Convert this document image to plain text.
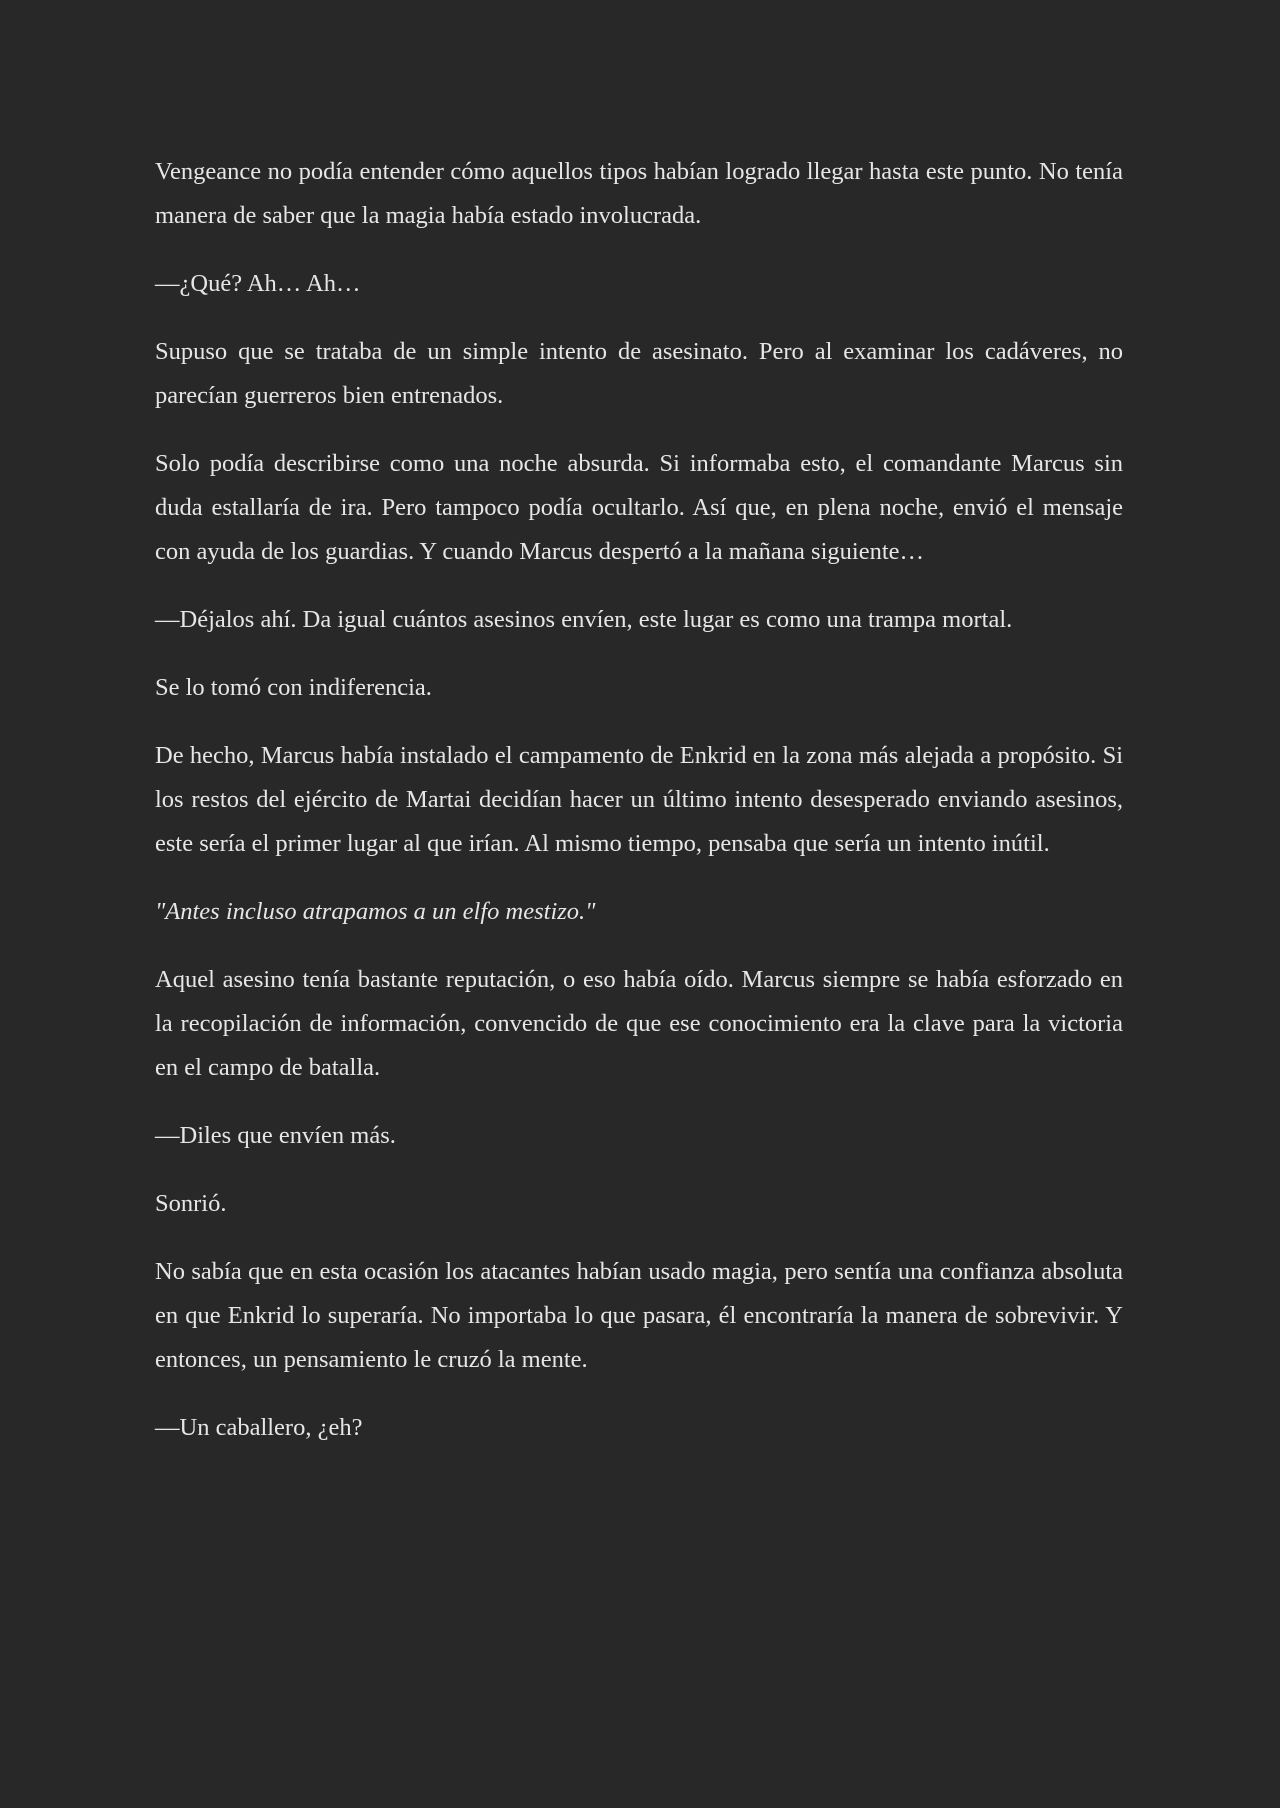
Vengeance no podía entender cómo aquellos tipos habían logrado llegar hasta este punto. No tenía manera de saber que la magia había estado involucrada.

—¿Qué? Ah… Ah…

Supuso que se trataba de un simple intento de asesinato. Pero al examinar los cadáveres, no parecían guerreros bien entrenados.

Solo podía describirse como una noche absurda. Si informaba esto, el comandante Marcus sin duda estallaría de ira. Pero tampoco podía ocultarlo. Así que, en plena noche, envió el mensaje con ayuda de los guardias. Y cuando Marcus despertó a la mañana siguiente…

—Déjalos ahí. Da igual cuántos asesinos envíen, este lugar es como una trampa mortal.

Se lo tomó con indiferencia.

De hecho, Marcus había instalado el campamento de Enkrid en la zona más alejada a propósito. Si los restos del ejército de Martai decidían hacer un último intento desesperado enviando asesinos, este sería el primer lugar al que irían. Al mismo tiempo, pensaba que sería un intento inútil.

"Antes incluso atrapamos a un elfo mestizo."

Aquel asesino tenía bastante reputación, o eso había oído. Marcus siempre se había esforzado en la recopilación de información, convencido de que ese conocimiento era la clave para la victoria en el campo de batalla.

—Diles que envíen más.

Sonrió.

No sabía que en esta ocasión los atacantes habían usado magia, pero sentía una confianza absoluta en que Enkrid lo superaría. No importaba lo que pasara, él encontraría la manera de sobrevivir. Y entonces, un pensamiento le cruzó la mente.

—Un caballero, ¿eh?
